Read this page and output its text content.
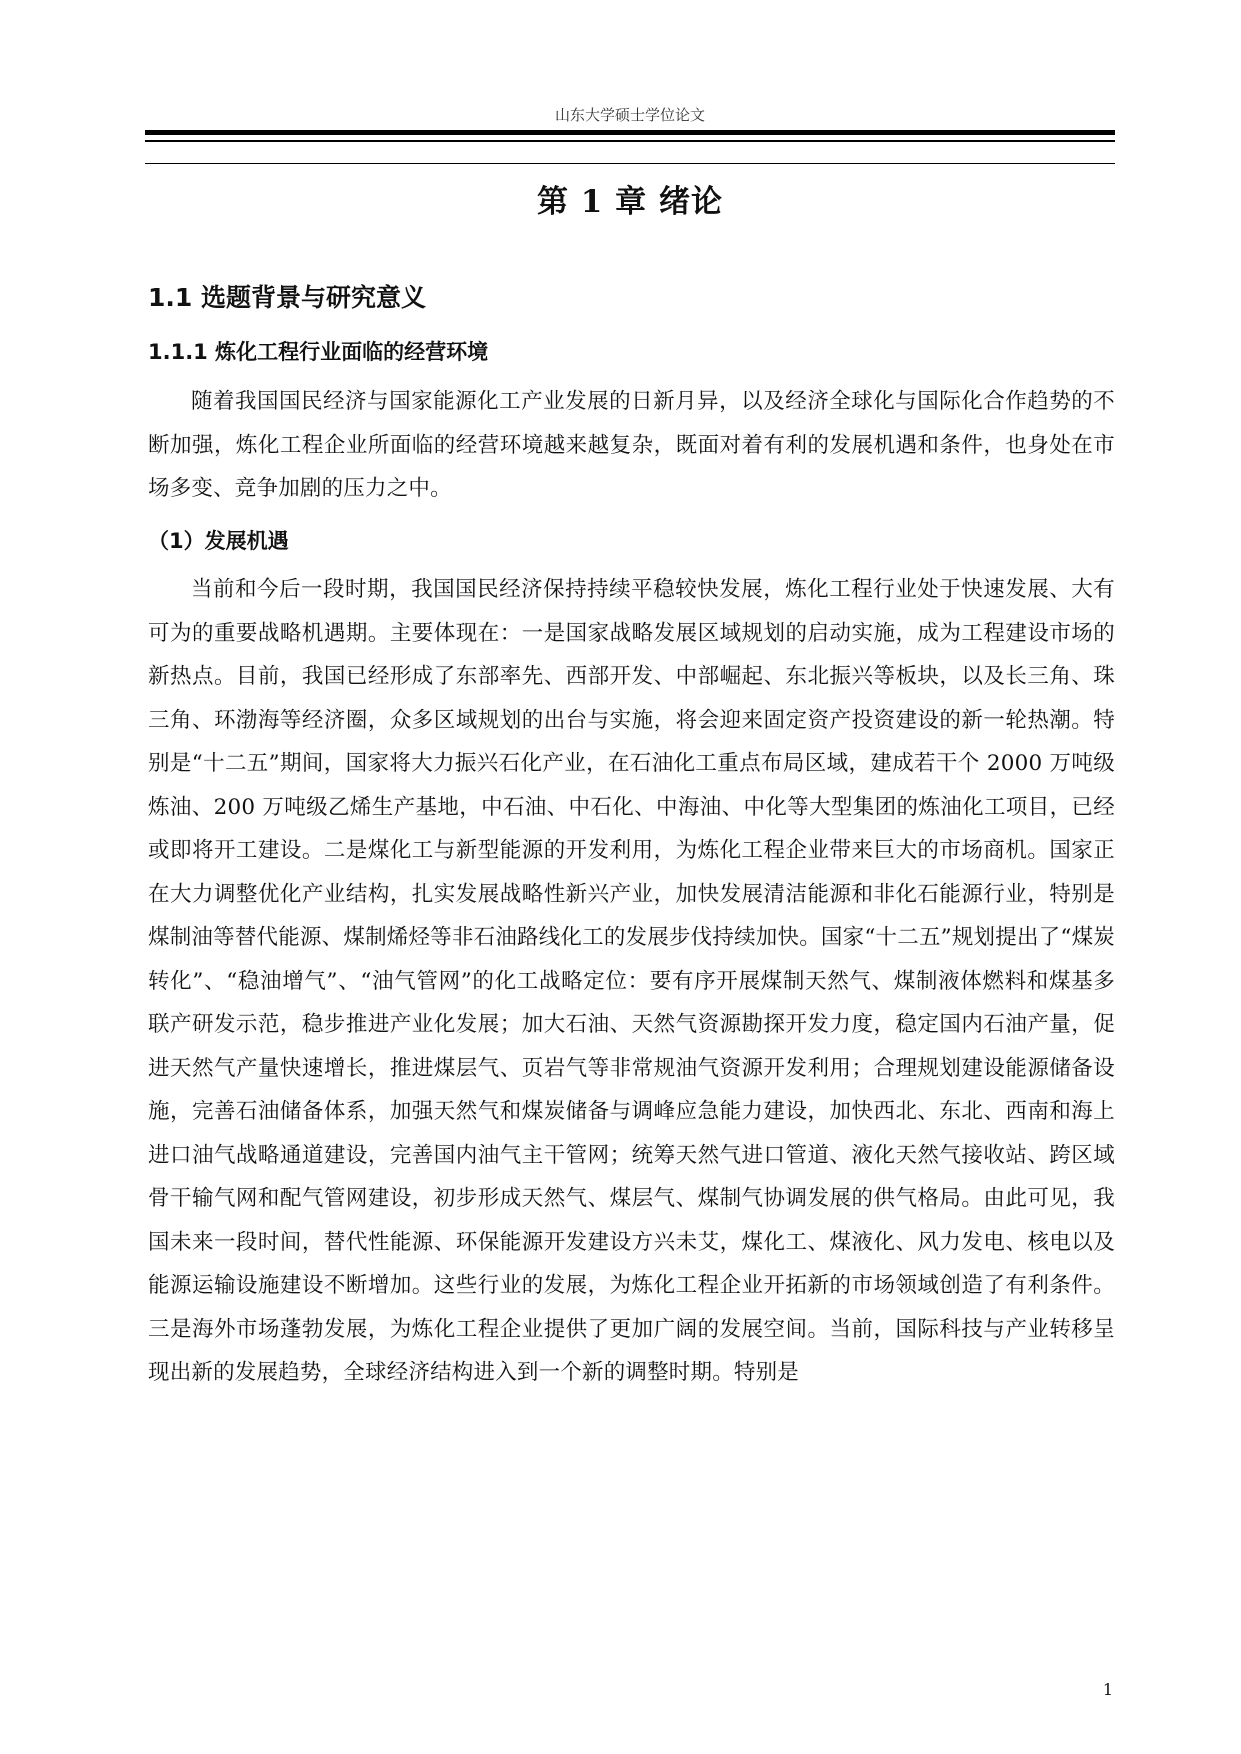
山东大学硕士学位论文
第 1 章 绪论
1.1 选题背景与研究意义
1.1.1 炼化工程行业面临的经营环境

随着我国国民经济与国家能源化工产业发展的日新月异，以及经济全球化与国际化合作趋势的不断加强，炼化工程企业所面临的经营环境越来越复杂，既面对着有利的发展机遇和条件，也身处在市场多变、竞争加剧的压力之中。

（1）发展机遇

当前和今后一段时期，我国国民经济保持持续平稳较快发展，炼化工程行业处于快速发展、大有可为的重要战略机遇期。主要体现在：一是国家战略发展区域规划的启动实施，成为工程建设市场的新热点。目前，我国已经形成了东部率先、西部开发、中部崛起、东北振兴等板块，以及长三角、珠三角、环渤海等经济圈，众多区域规划的出台与实施，将会迎来固定资产投资建设的新一轮热潮。特别是“十二五”期间，国家将大力振兴石化产业，在石油化工重点布局区域，建成若干个 2000 万吨级炼油、200 万吨级乙烯生产基地，中石油、中石化、中海油、中化等大型集团的炼油化工项目，已经或即将开工建设。二是煤化工与新型能源的开发利用，为炼化工程企业带来巨大的市场商机。国家正在大力调整优化产业结构，扎实发展战略性新兴产业，加快发展清洁能源和非化石能源行业，特别是煤制油等替代能源、煤制烯烃等非石油路线化工的发展步伐持续加快。国家“十二五”规划提出了“煤炭转化”、“稳油增气”、“油气管网”的化工战略定位：要有序开展煤制天然气、煤制液体燃料和煤基多联产研发示范，稳步推进产业化发展；加大石油、天然气资源勘探开发力度，稳定国内石油产量，促进天然气产量快速增长，推进煤层气、页岩气等非常规油气资源开发利用；合理规划建设能源储备设施，完善石油储备体系，加强天然气和煤炭储备与调峰应急能力建设，加快西北、东北、西南和海上进口油气战略通道建设，完善国内油气主干管网；统筹天然气进口管道、液化天然气接收站、跨区域骨干输气网和配气管网建设，初步形成天然气、煤层气、煤制气协调发展的供气格局。由此可见，我国未来一段时间，替代性能源、环保能源开发建设方兴未艾，煤化工、煤液化、风力发电、核电以及能源运输设施建设不断增加。这些行业的发展，为炼化工程企业开拓新的市场领域创造了有利条件。三是海外市场蓬勃发展，为炼化工程企业提供了更加广阔的发展空间。当前，国际科技与产业转移呈现出新的发展趋势，全球经济结构进入到一个新的调整时期。特别是

1
